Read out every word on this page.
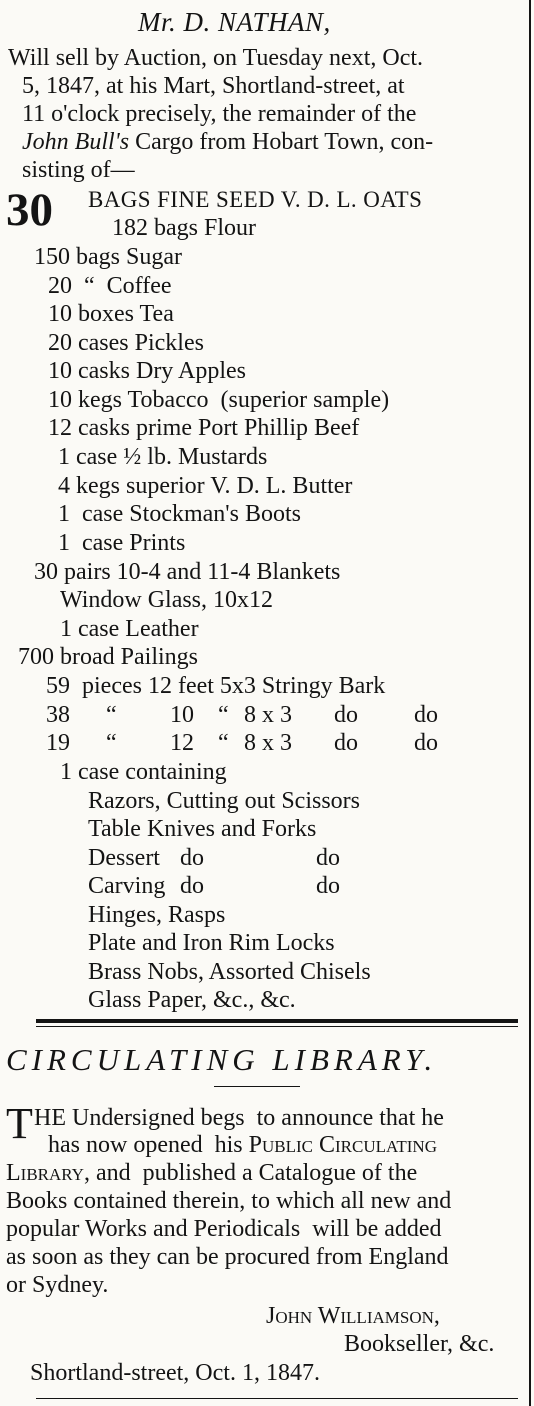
Mr. D. NATHAN,
Will sell by Auction, on Tuesday next, Oct.
5, 1847, at his Mart, Shortland-street, at
11 o'clock precisely, the remainder of the
John Bull's Cargo from Hobart Town, con-
sisting of—
30 BAGS FINE SEED V. D. L. OATS
182 bags Flour
150 bags Sugar
20  “  Coffee
10 boxes Tea
20 cases Pickles
10 casks Dry Apples
10 kegs Tobacco  (superior sample)
12 casks prime Port Phillip Beef
1 case ½ lb. Mustards
4 kegs superior V. D. L. Butter
1  case Stockman's Boots
1  case Prints
30 pairs 10-4 and 11-4 Blankets
Window Glass, 10x12
1 case Leather
700 broad Pailings
59  pieces 12 feet 5x3 Stringy Bark
38 “ 10 “ 8 x 3 do do
19 “ 12 “ 8 x 3 do do
1 case containing
Razors, Cutting out Scissors
Table Knives and Forks
Dessert do	do
Carving do	do
Hinges, Rasps
Plate and Iron Rim Locks
Brass Nobs, Assorted Chisels
Glass Paper, &c., &c.
CIRCULATING LIBRARY.
T HE Undersigned begs  to announce that he
has now opened  his Public Circulating
Library, and  published a Catalogue of the
Books contained therein, to which all new and
popular Works and Periodicals  will be added
as soon as they can be procured from England
or Sydney.
John Williamson,
Bookseller, &c.
Shortland-street, Oct. 1, 1847.
